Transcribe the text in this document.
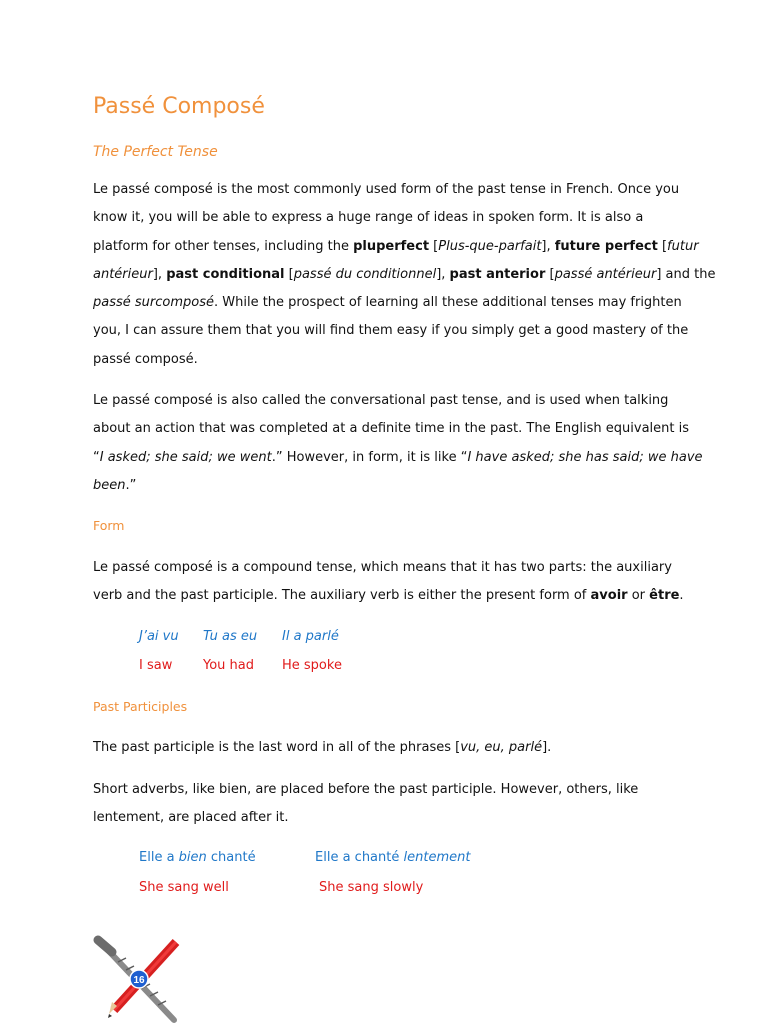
Passé Composé
The Perfect Tense
Le passé composé is the most commonly used form of the past tense in French. Once you
know it, you will be able to express a huge range of ideas in spoken form. It is also a
platform for other tenses, including the pluperfect [Plus-que-parfait], future perfect [futur
antérieur], past conditional [passé du conditionnel], past anterior [passé antérieur] and the
passé surcomposé. While the prospect of learning all these additional tenses may frighten
you, I can assure them that you will find them easy if you simply get a good mastery of the
passé composé.
Le passé composé is also called the conversational past tense, and is used when talking
about an action that was completed at a definite time in the past. The English equivalent is
“I asked; she said; we went.” However, in form, it is like “I have asked; she has said; we have
been.”
Form
Le passé composé is a compound tense, which means that it has two parts: the auxiliary
verb and the past participle. The auxiliary verb is either the present form of avoir or être.
J’ai vu Tu as eu Il a parlé
I saw You had He spoke
Past Participles
The past participle is the last word in all of the phrases [vu, eu, parlé].
Short adverbs, like bien, are placed before the past participle. However, others, like
lentement, are placed after it.
Elle a bien chanté	Elle a chanté lentement
She sang well	She sang slowly
16
